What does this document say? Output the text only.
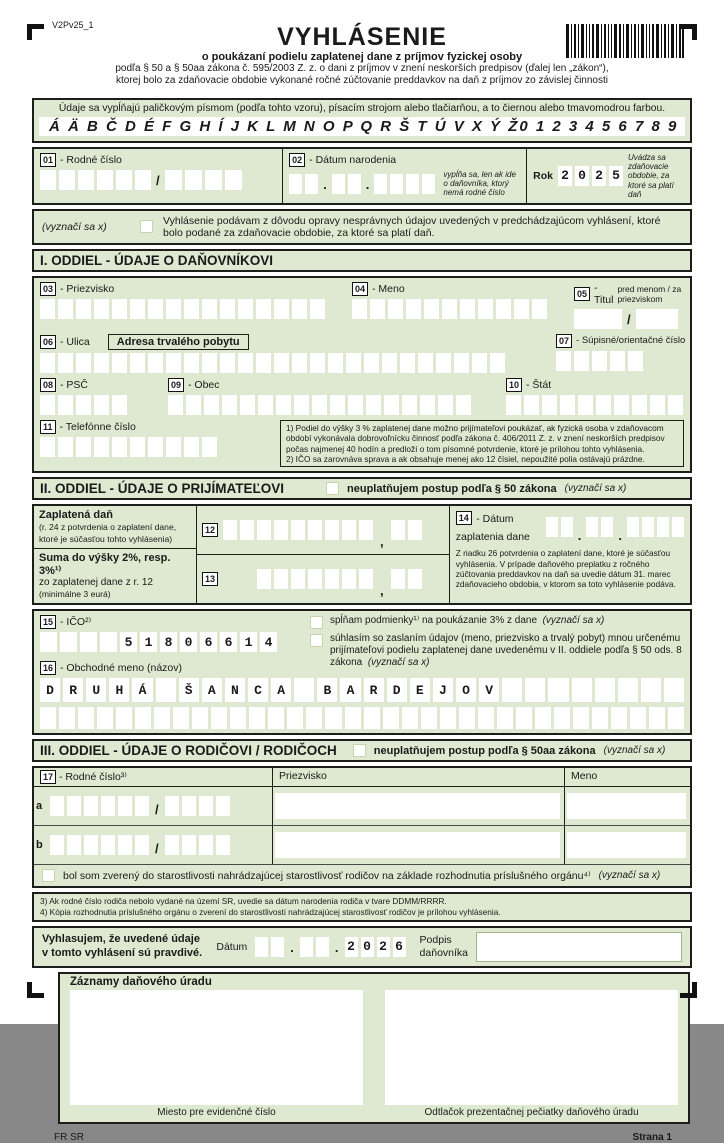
V2Pv25_1	VYHLÁSENIE
o poukázaní podielu zaplatenej dane z príjmov fyzickej osoby
podľa § 50 a § 50aa zákona č. 595/2003 Z. z. o dani z príjmov v znení neskorších predpisov (ďalej len „zákon“),
ktorej bolo za zdaňovacie obdobie vykonané ročné zúčtovanie preddavkov na daň z príjmov zo závislej činnosti
Údaje sa vypĺňajú paličkovým písmom (podľa tohto vzoru), písacím strojom alebo tlačiarňou, a to čiernou alebo tmavomodrou farbou.
Á Ä B Č D É F G H Í J K L M N O P Q R Š T Ú V X Ý Ž 0 1 2 3 4 5 6 7 8 9
01 - Rodné číslo
/
02 - Dátum narodenia
.	.
vypĺňa sa, len ak ide o daňovníka, ktorý nemá rodné číslo
Rok 2 0 2 5
Uvádza sa zdaňovacie obdobie, za ktoré sa platí daň
(vyznačí sa x)	Vyhlásenie podávam z dôvodu opravy nesprávnych údajov uvedených v predchádzajúcom vyhlásení, ktoré bolo podané za zdaňovacie obdobie, za ktoré sa platí daň.
I. ODDIEL - ÚDAJE O DAŇOVNÍKOVI
03 - Priezvisko	04 - Meno	05 - Titul
pred menom / za priezviskom
/
06 - Ulica	Adresa trvalého pobytu	07 - Súpisné/orientačné číslo
08 - PSČ	09 - Obec	10 - Štát
11 - Telefónne číslo	1) Podiel do výšky 3 % zaplatenej dane možno prijímateľovi poukázať, ak fyzická osoba v zdaňovacom období vykonávala dobrovoľnícku činnosť podľa zákona č. 406/2011 Z. z. v znení neskorších predpisov počas najmenej 40 hodín a predloží o tom písomné potvrdenie, ktoré je prílohou tohto vyhlásenia.
2) IČO sa zarovnáva sprava a ak obsahuje menej ako 12 čísiel, nepoužité polia ostávajú prázdne.
II. ODDIEL - ÚDAJE O PRIJÍMATEĽOVI	neuplatňujem postup podľa § 50 zákona (vyznačí sa x)
Zaplatená daň
(r. 24 z potvrdenia o zaplatení dane, ktoré je súčasťou tohto vyhlásenia)
Suma do výšky 2%, resp. 3%¹⁾
zo zaplatenej dane z r. 12
(minimálne 3 eurá)
12
,
13
,
14 - Dátum
zaplatenia dane	.	.
Z riadku 26 potvrdenia o zaplatení dane, ktoré je súčasťou vyhlásenia. V prípade daňového preplatku z ročného zúčtovania preddavkov na daň sa uvedie dátum 31. marec zdaňovacieho obdobia, v ktorom sa toto vyhlásenie podáva.
15 - IČO²⁾
5 1 8 0 6 6 1 4
spĺňam podmienky¹⁾ na poukázanie 3% z dane (vyznačí sa x)
súhlasím so zaslaním údajov (meno, priezvisko a trvalý pobyt) mnou určenému prijímateľovi podielu zaplatenej dane uvedenému v II. oddiele podľa § 50 ods. 8 zákona (vyznačí sa x)
16 - Obchodné meno (názov)
D	R	U	H	Á	Š	A	N	C	A	B	A	R	D	E	J	O	V
III. ODDIEL - ÚDAJE O RODIČOVI / RODIČOCH	neuplatňujem postup podľa § 50aa zákona (vyznačí sa x)
17 - Rodné číslo³⁾	Priezvisko	Meno
a	/
b	/
bol som zverený do starostlivosti nahrádzajúcej starostlivosť rodičov na základe rozhodnutia príslušného orgánu⁴⁾ (vyznačí sa x)
3) Ak rodné číslo rodiča nebolo vydané na území SR, uvedie sa dátum narodenia rodiča v tvare DDMM/RRRR.
4) Kópia rozhodnutia príslušného orgánu o zverení do starostlivosti nahrádzajúcej starostlivosť rodičov je prílohou vyhlásenia.
Vyhlasujem, že uvedené údaje
v tomto vyhlásení sú pravdivé.	Dátum	.	. 2 0 2 6 Podpis
daňovníka
Záznamy daňového úradu
Miesto pre evidenčné číslo	Odtlačok prezentačnej pečiatky daňového úradu
FR SR	Strana 1
